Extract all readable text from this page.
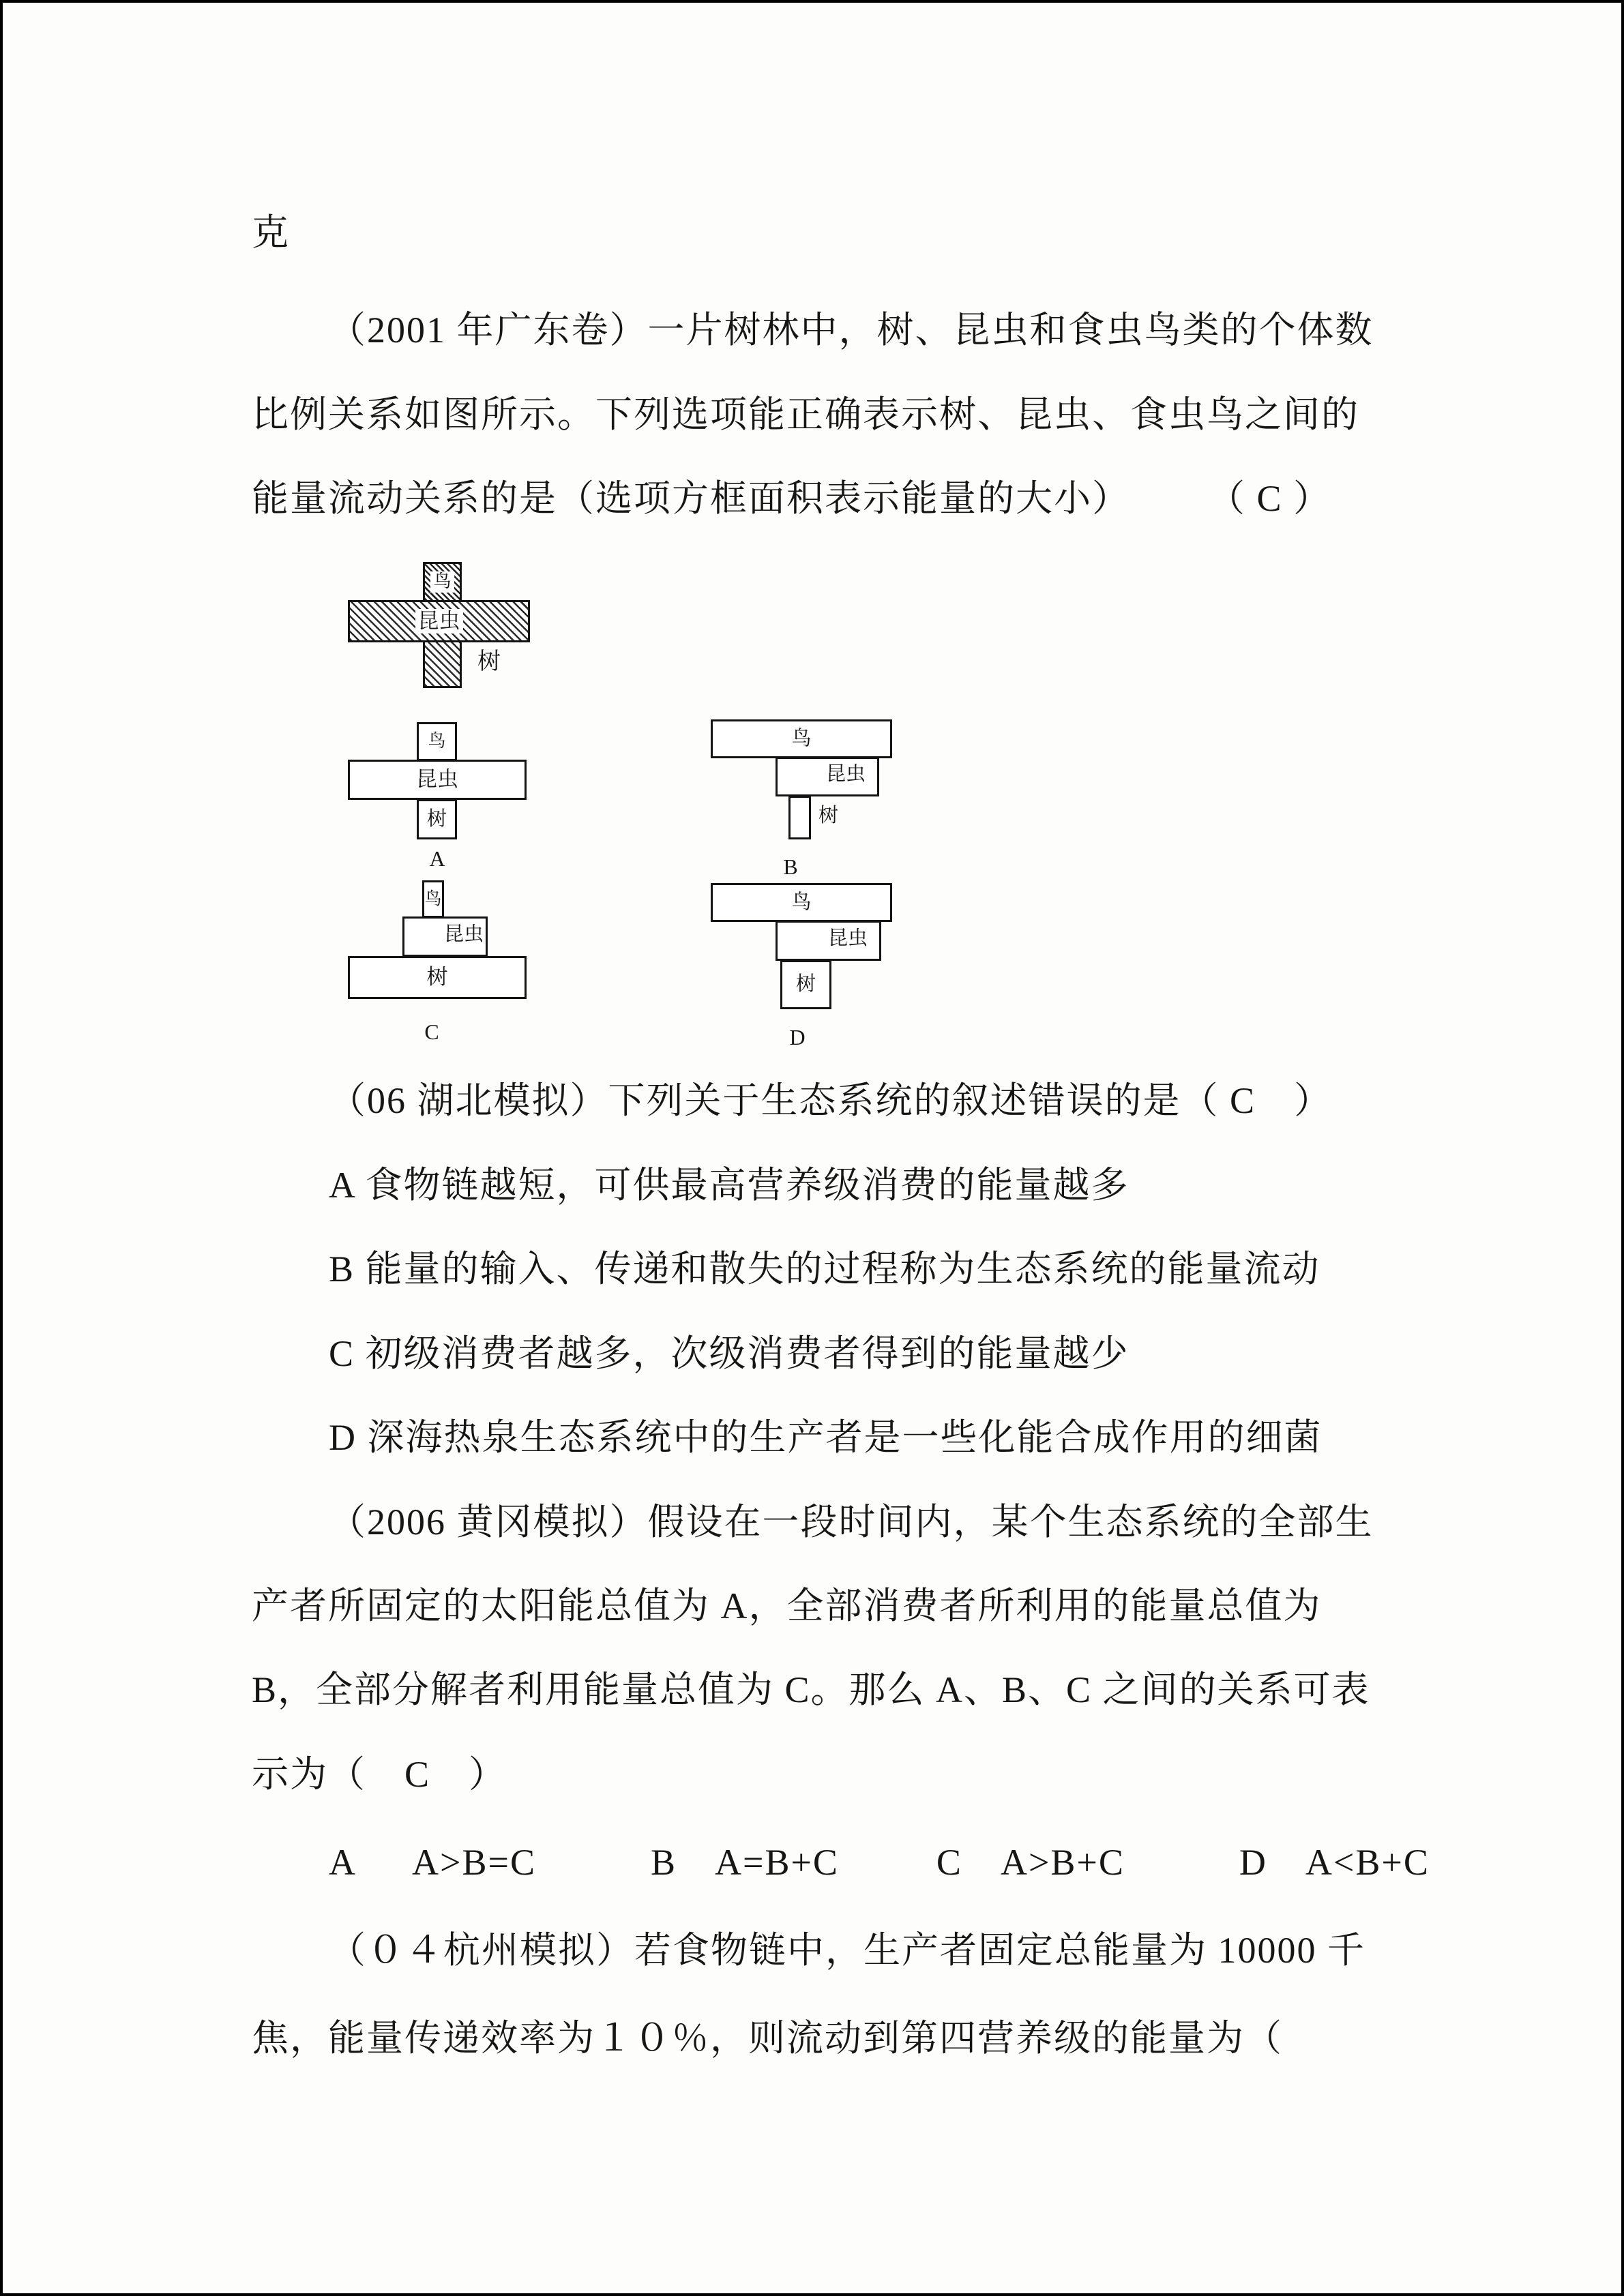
克
（2001 年广东卷）一片树林中，树、昆虫和食虫鸟类的个体数
比例关系如图所示。下列选项能正确表示树、昆虫、食虫鸟之间的
能量流动关系的是（选项方框面积表示能量的大小）　　　（ C ）
鸟
昆虫
树
鸟
昆虫
树
A
鸟
昆虫
树
B
鸟
昆虫
树
C
鸟
昆虫
树
D
（06 湖北模拟）下列关于生态系统的叙述错误的是（ C　）
A 食物链越短，可供最高营养级消费的能量越多
B 能量的输入、传递和散失的过程称为生态系统的能量流动
C 初级消费者越多，次级消费者得到的能量越少
D 深海热泉生态系统中的生产者是一些化能合成作用的细菌
（2006 黄冈模拟）假设在一段时间内，某个生态系统的全部生
产者所固定的太阳能总值为 A，全部消费者所利用的能量总值为
B，全部分解者利用能量总值为 C。那么 A、B、C 之间的关系可表
示为（　C　）
A　  A>B=C　　　B　A=B+C　　  C　A>B+C　　　D　A<B+C
（０４杭州模拟）若食物链中，生产者固定总能量为 10000 千
焦，能量传递效率为１０％，则流动到第四营养级的能量为（
